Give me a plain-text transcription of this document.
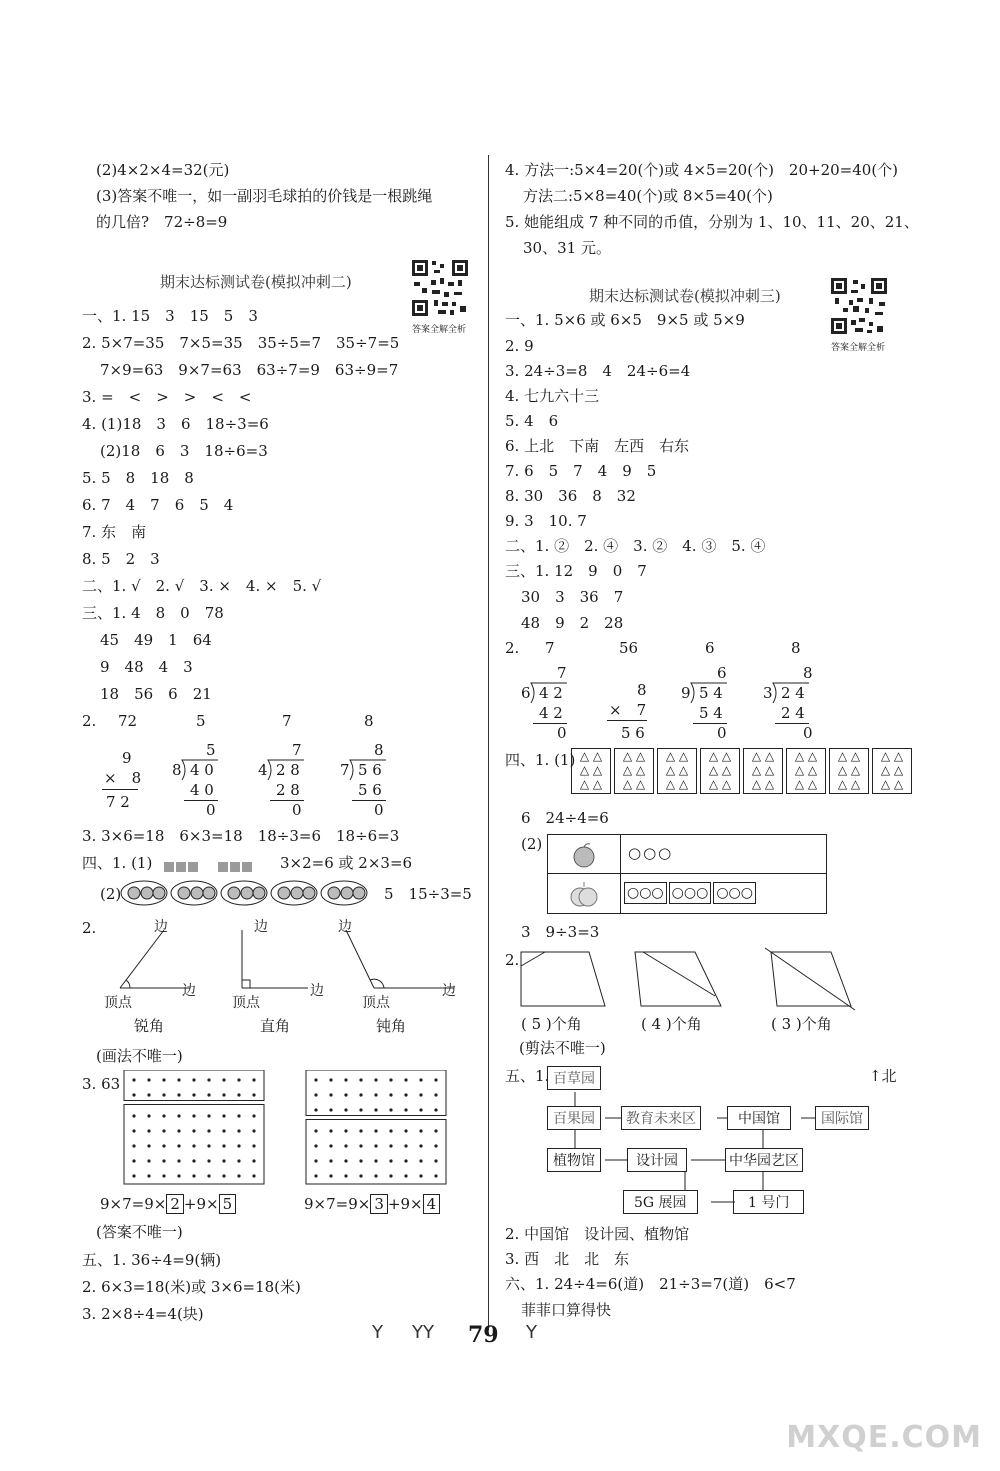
(2)4×2×4=32(元)
(3)答案不唯一，如一副羽毛球拍的价钱是一根跳绳
的几倍?　72÷8=9
期末达标测试卷(模拟冲刺二)
答案全解全析
一、1. 15　3　15　5　3
2. 5×7=35　7×5=35　35÷5=7　35÷7=5
7×9=63　9×7=63　63÷7=9　63÷9=7
3. =　<　>　>　<　<
4. (1)18　3　6　18÷3=6
(2)18　6　3　18÷6=3
5. 5　8　18　8
6. 7　4　7　6　5　4
7. 东　南
8. 5　2　3
二、1. √　2. √　3. ×　4. ×　5. √
三、1. 4　8　0　78
45　49　1　64
9　48　4　3
18　56　6　21
2. 72	5	7	8
9
×　8
7 2
5
8 4 0
4 0
0
7
4 2 8
2 8
0
8
7 5 6
5 6
0
3. 3×6=18　6×3=18　18÷3=6　18÷6=3
四、1. (1)	3×2=6 或 2×3=6
(2)	5　15÷3=5
2.	边
边
顶点
边
边
顶点
边
边
顶点
锐角	直角	钝角
(画法不唯一)
3. 63
9×7=9× 2 +9× 5	9×7=9× 3 +9× 4
(答案不唯一)
五、1. 36÷4=9(辆)
2. 6×3=18(米)或 3×6=18(米)
3. 2×8÷4=4(块)
4. 方法一:5×4=20(个)或 4×5=20(个)　20+20=40(个)
方法二:5×8=40(个)或 8×5=40(个)
5. 她能组成 7 种不同的币值，分别为 1、10、11、20、21、
30、31 元。
期末达标测试卷(模拟冲刺三)
答案全解全析
一、1. 5×6 或 6×5　9×5 或 5×9
2. 9
3. 24÷3=8　4　24÷6=4
4. 七九六十三
5. 4　6
6. 上北　下南　左西　右东
7. 6　5　7　4　9　5
8. 30　36　8　32
9. 3　10. 7
二、1. ②　2. ④　3. ②　4. ③　5. ④
三、1. 12　9　0　7
30　3　36　7
48　9　2　28
2. 7	56	6	8
7
6 4 2
4 2
0
8
×　7
5 6
6
9 5 4
5 4
0
8
3 2 4
2 4
0
四、1. (1) △ △
△ △
△ △
△ △
△ △
△ △
△ △
△ △
△ △
△ △
△ △
△ △
△ △
△ △
△ △
△ △
△ △
△ △
△ △
△ △
△ △
△ △
△ △
△ △
6　24÷4=6
(2)	○○○
○○○ ○○○ ○○○
3　9÷3=3
2.
( 5 )个角	( 4 )个角	( 3 )个角
(剪法不唯一)
五、1.	↑北
百草园
百果园	教育未来区	中国馆	国际馆
植物馆	设计园	中华园艺区
5G 展园	1 号门
2. 中国馆　设计园、植物馆
3. 西　北　北　东
六、1. 24÷4=6(道)　21÷3=7(道)　6<7
菲菲口算得快
𝖸 𝖸𝖸 79 𝖸
MXQE.COM
